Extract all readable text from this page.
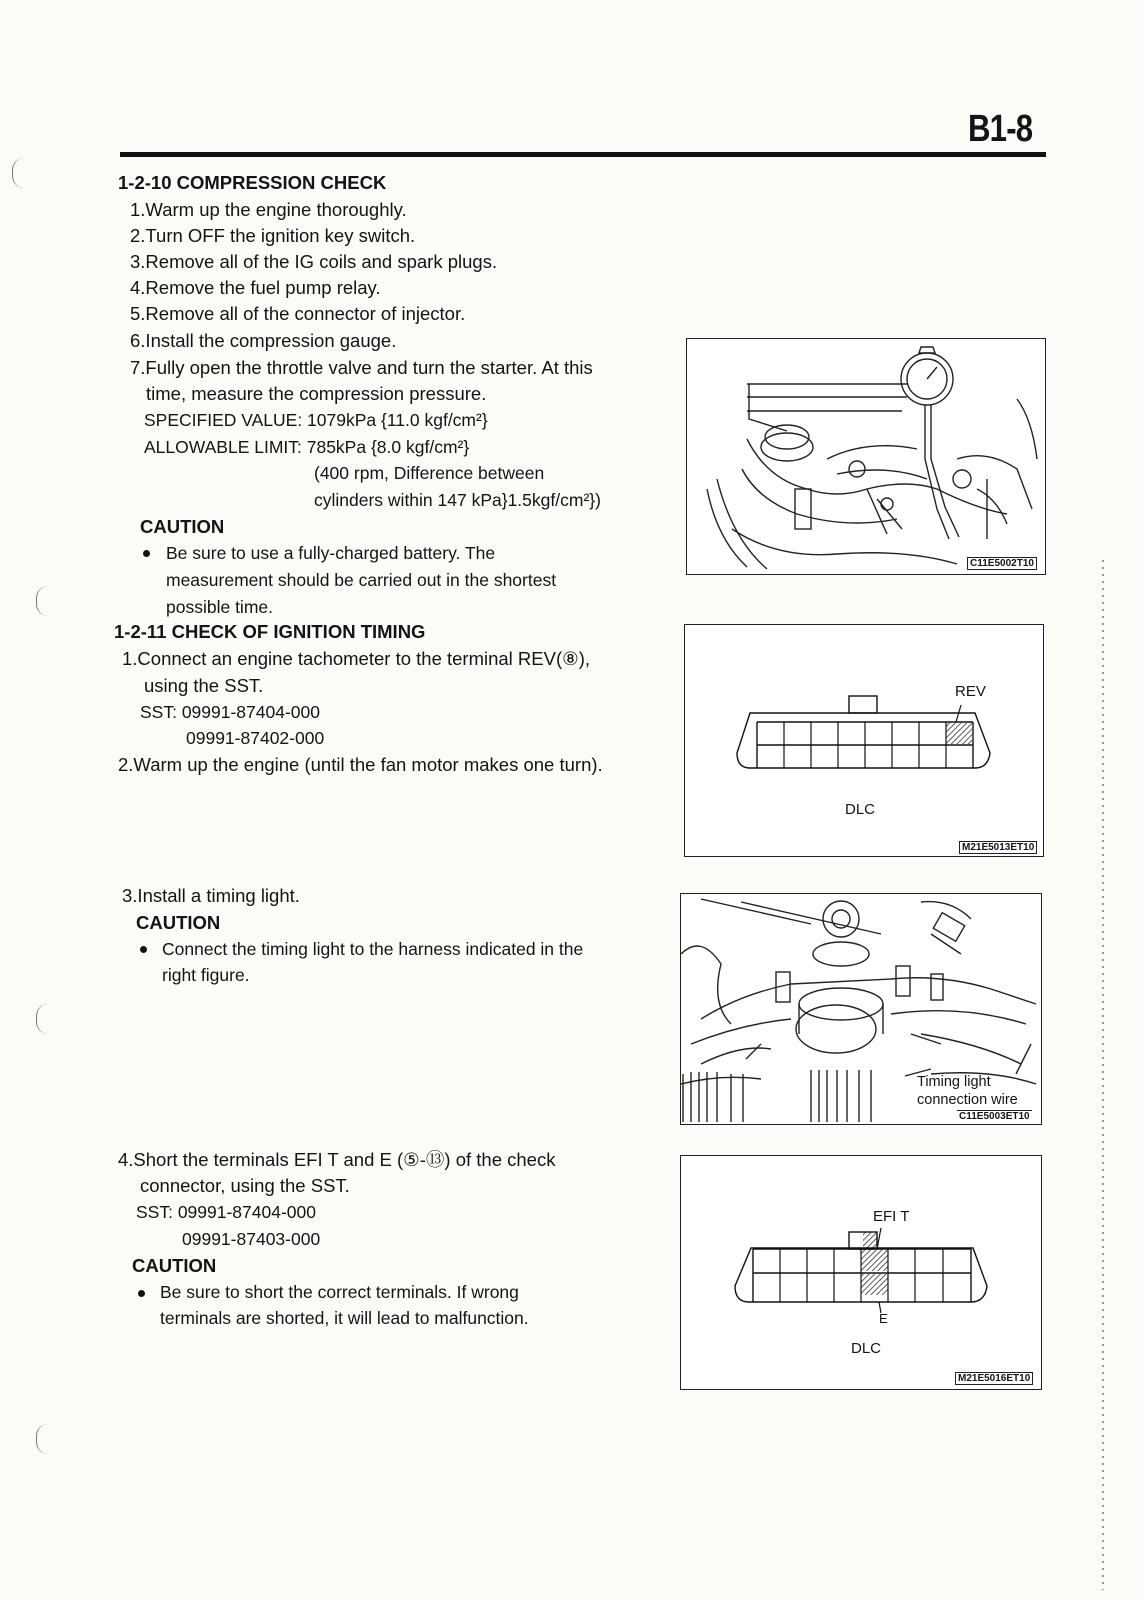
B1-8
1-2-10 COMPRESSION CHECK
1.Warm up the engine thoroughly.
2.Turn OFF the ignition key switch.
3.Remove all of the IG coils and spark plugs.
4.Remove the fuel pump relay.
5.Remove all of the connector of injector.
6.Install the compression gauge.
7.Fully open the throttle valve and turn the starter. At this
time, measure the compression pressure.
SPECIFIED VALUE: 1079kPa {11.0 kgf/cm²}
ALLOWABLE LIMIT: 785kPa {8.0 kgf/cm²}
(400 rpm, Difference between
cylinders within 147 kPa}1.5kgf/cm²})
CAUTION
Be sure to use a fully-charged battery. The
measurement should be carried out in the shortest
possible time.
C11E5002T10
1-2-11 CHECK OF IGNITION TIMING
1.Connect an engine tachometer to the terminal REV(⑧),
using the SST.
SST: 09991-87404-000
09991-87402-000
2.Warm up the engine (until the fan motor makes one turn).
REV
DLC
M21E5013ET10
3.Install a timing light.
CAUTION
Connect the timing light to the harness indicated in the
right figure.
Timing light
connection wire
C11E5003ET10
4.Short the terminals EFI T and E (⑤-⑬) of the check
connector, using the SST.
SST: 09991-87404-000
09991-87403-000
CAUTION
Be sure to short the correct terminals. If wrong
terminals are shorted, it will lead to malfunction.
EFI T
E
DLC
M21E5016ET10
